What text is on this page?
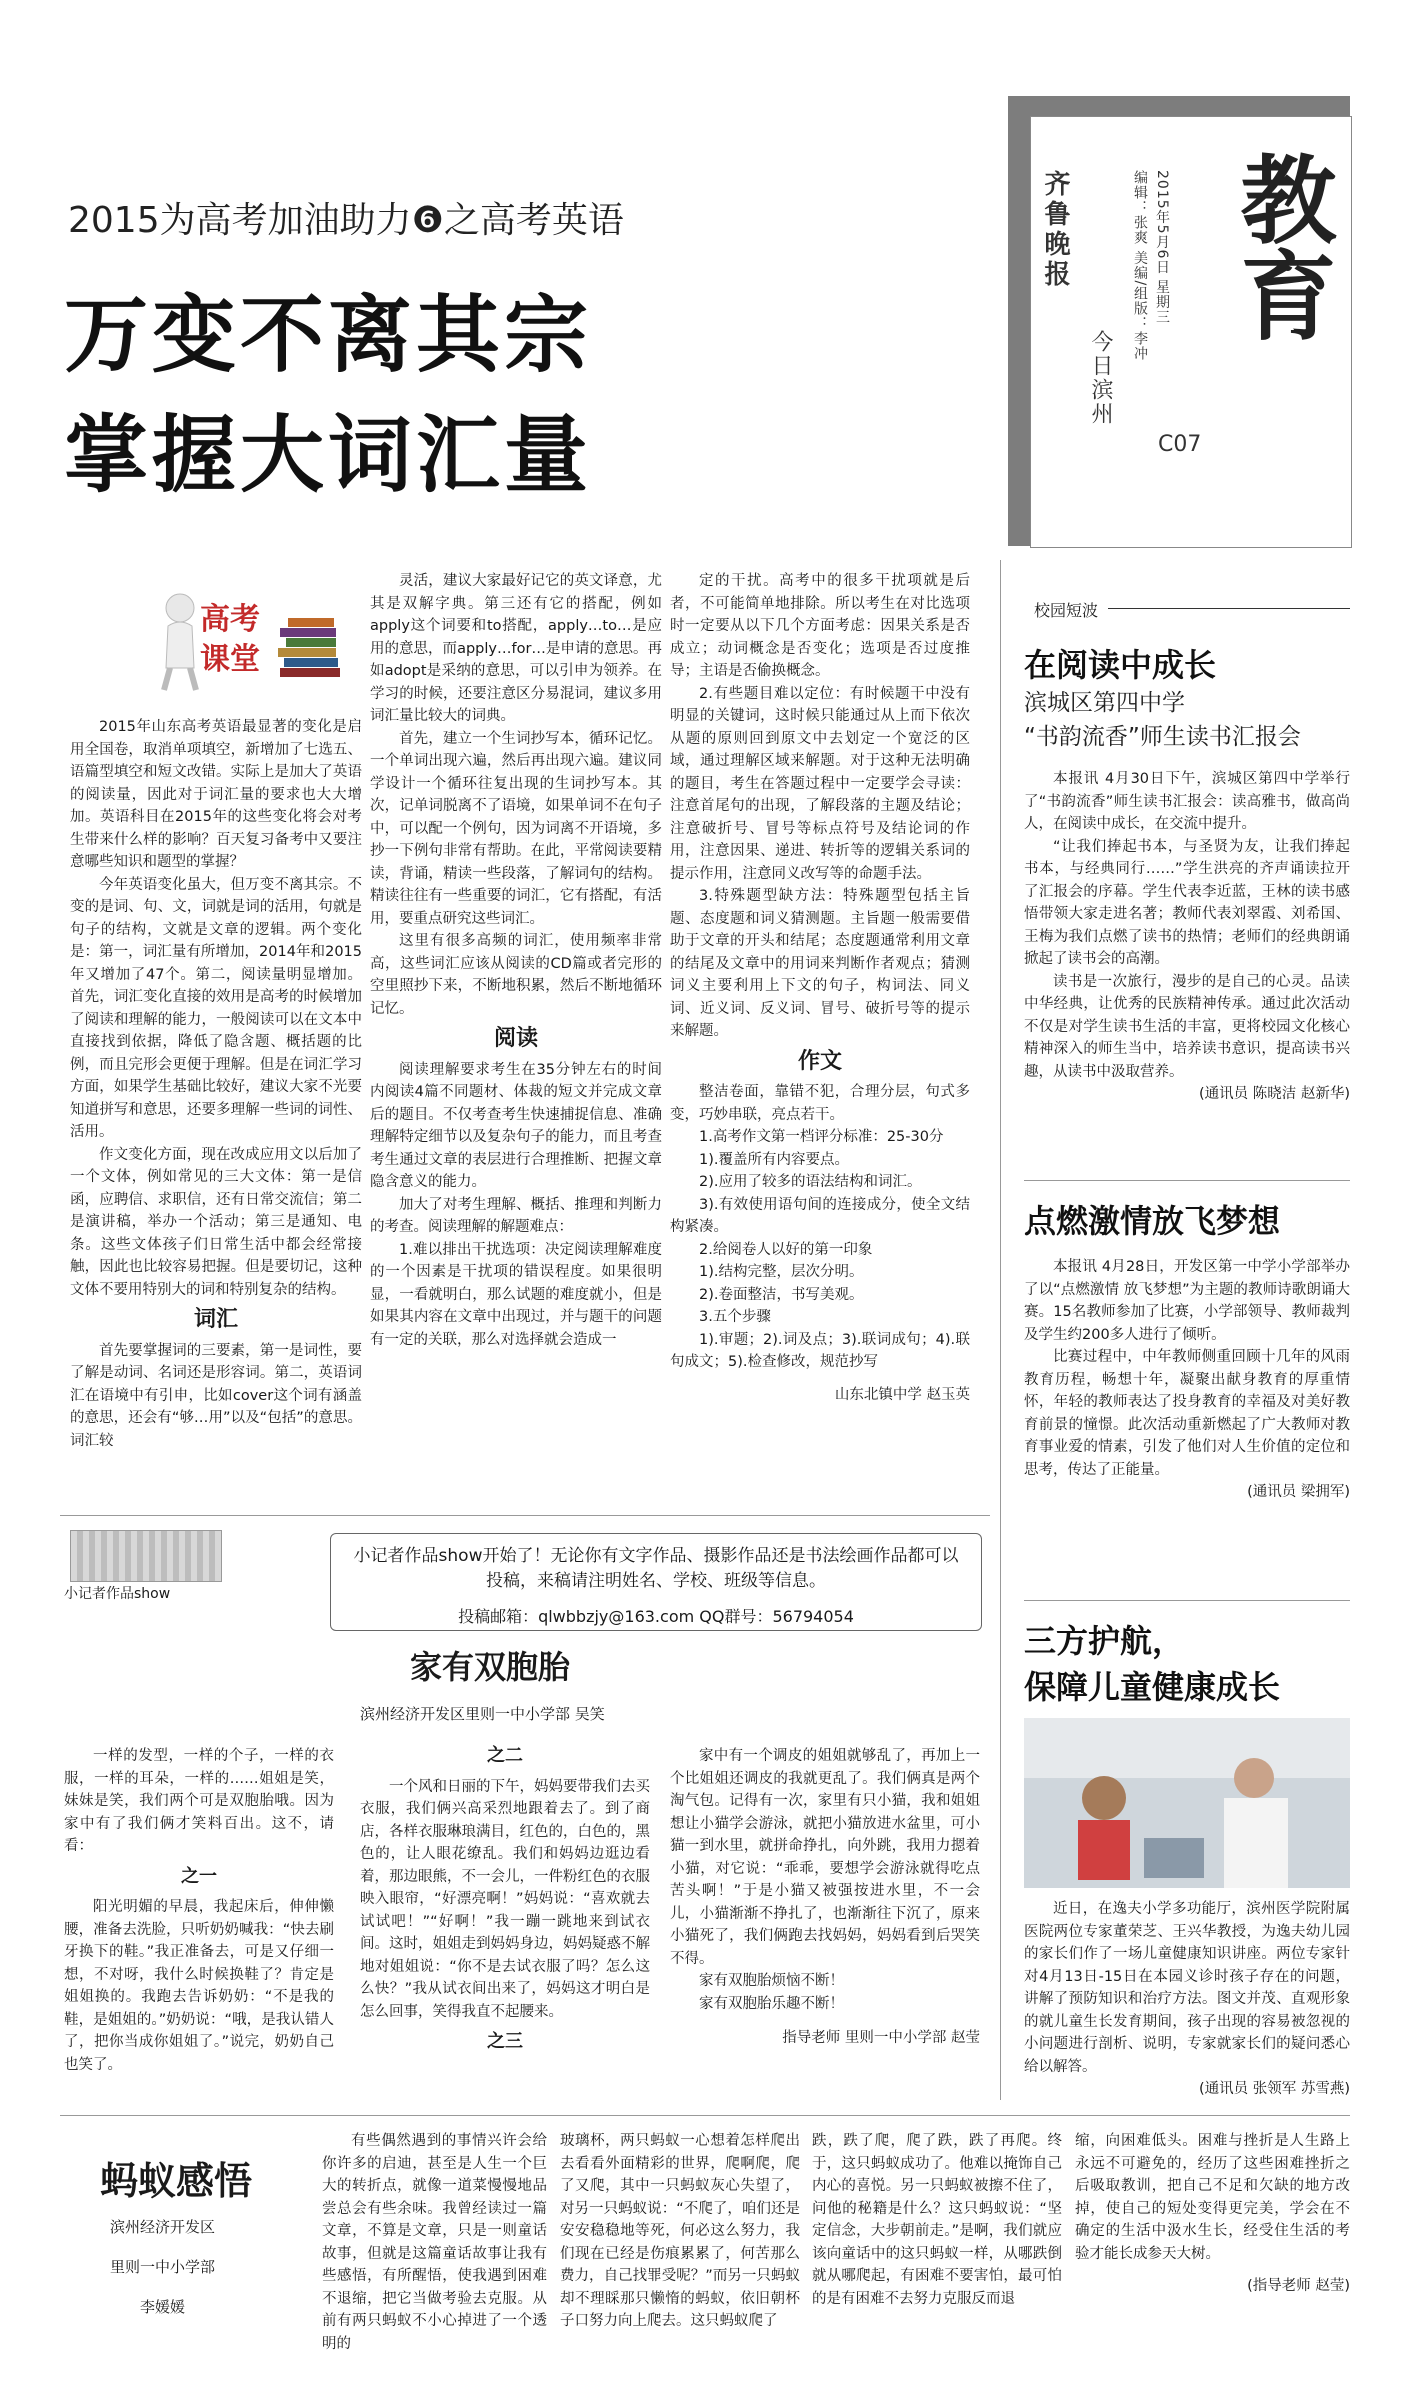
教育
齐鲁晚报
今日滨州
编辑：张爽 美编/组版：李冲 2015年5月6日 星期三
C07
2015为高考加油助力❻之高考英语
万变不离其宗
掌握大词汇量
高考课堂

2015年山东高考英语最显著的变化是启用全国卷，取消单项填空，新增加了七选五、语篇型填空和短文改错。实际上是加大了英语的阅读量，因此对于词汇量的要求也大大增加。英语科目在2015年的这些变化将会对考生带来什么样的影响？百天复习备考中又要注意哪些知识和题型的掌握？

今年英语变化虽大，但万变不离其宗。不变的是词、句、文，词就是词的活用，句就是句子的结构，文就是文章的逻辑。两个变化是：第一，词汇量有所增加，2014年和2015年又增加了47个。第二，阅读量明显增加。首先，词汇变化直接的效用是高考的时候增加了阅读和理解的能力，一般阅读可以在文本中直接找到依据，降低了隐含题、概括题的比例，而且完形会更便于理解。但是在词汇学习方面，如果学生基础比较好，建议大家不光要知道拼写和意思，还要多理解一些词的词性、活用。

作文变化方面，现在改成应用文以后加了一个文体，例如常见的三大文体：第一是信函，应聘信、求职信，还有日常交流信；第二是演讲稿，举办一个活动；第三是通知、电条。这些文体孩子们日常生活中都会经常接触，因此也比较容易把握。但是要切记，这种文体不要用特别大的词和特别复杂的结构。

词汇

首先要掌握词的三要素，第一是词性，要了解是动词、名词还是形容词。第二，英语词汇在语境中有引申，比如cover这个词有涵盖的意思，还会有“够…用”以及“包括”的意思。词汇较

灵活，建议大家最好记它的英文译意，尤其是双解字典。第三还有它的搭配，例如apply这个词要和to搭配，apply…to…是应用的意思，而apply…for…是申请的意思。再如adopt是采纳的意思，可以引申为领养。在学习的时候，还要注意区分易混词，建议多用词汇量比较大的词典。

首先，建立一个生词抄写本，循环记忆。一个单词出现六遍，然后再出现六遍。建议同学设计一个循环往复出现的生词抄写本。其次，记单词脱离不了语境，如果单词不在句子中，可以配一个例句，因为词离不开语境，多抄一下例句非常有帮助。在此，平常阅读要精读，背诵，精读一些段落，了解词句的结构。精读往往有一些重要的词汇，它有搭配，有活用，要重点研究这些词汇。

这里有很多高频的词汇，使用频率非常高，这些词汇应该从阅读的CD篇或者完形的空里照抄下来，不断地积累，然后不断地循环记忆。

阅读

阅读理解要求考生在35分钟左右的时间内阅读4篇不同题材、体裁的短文并完成文章后的题目。不仅考查考生快速捕捉信息、准确理解特定细节以及复杂句子的能力，而且考查考生通过文章的表层进行合理推断、把握文章隐含意义的能力。

加大了对考生理解、概括、推理和判断力的考查。阅读理解的解题难点：

1.难以排出干扰选项：决定阅读理解难度的一个因素是干扰项的错误程度。如果很明显，一看就明白，那么试题的难度就小，但是如果其内容在文章中出现过，并与题干的问题有一定的关联，那么对选择就会造成一

定的干扰。高考中的很多干扰项就是后者，不可能简单地排除。所以考生在对比选项时一定要从以下几个方面考虑：因果关系是否成立；动词概念是否变化；选项是否过度推导；主语是否偷换概念。

2.有些题目难以定位：有时候题干中没有明显的关键词，这时候只能通过从上而下依次从题的原则回到原文中去划定一个宽泛的区域，通过理解区域来解题。对于这种无法明确的题目，考生在答题过程中一定要学会寻读：注意首尾句的出现，了解段落的主题及结论；注意破折号、冒号等标点符号及结论词的作用，注意因果、递进、转折等的逻辑关系词的提示作用，注意同义改写等的命题手法。

3.特殊题型缺方法：特殊题型包括主旨题、态度题和词义猜测题。主旨题一般需要借助于文章的开头和结尾；态度题通常利用文章的结尾及文章中的用词来判断作者观点；猜测词义主要利用上下文的句子，构词法、同义词、近义词、反义词、冒号、破折号等的提示来解题。

作文

整洁卷面，靠错不犯，合理分层，句式多变，巧妙串联，亮点若干。

1.高考作文第一档评分标准：25-30分

1).覆盖所有内容要点。

2).应用了较多的语法结构和词汇。

3).有效使用语句间的连接成分，使全文结构紧凑。

2.给阅卷人以好的第一印象

1).结构完整，层次分明。

2).卷面整洁，书写美观。

3.五个步骤

1).审题；2).词及点；3).联词成句；4).联句成文；5).检查修改，规范抄写

山东北镇中学 赵玉英
校园短波
在阅读中成长
滨城区第四中学
“书韵流香”师生读书汇报会

本报讯 4月30日下午，滨城区第四中学举行了“书韵流香”师生读书汇报会：读高雅书，做高尚人，在阅读中成长，在交流中提升。

“让我们捧起书本，与圣贤为友，让我们捧起书本，与经典同行……”学生洪亮的齐声诵读拉开了汇报会的序幕。学生代表李近蓝，王林的读书感悟带领大家走进名著；教师代表刘翠霞、刘希国、王梅为我们点燃了读书的热情；老师们的经典朗诵掀起了读书会的高潮。

读书是一次旅行，漫步的是自己的心灵。品读中华经典，让优秀的民族精神传承。通过此次活动不仅是对学生读书生活的丰富，更将校园文化核心精神深入的师生当中，培养读书意识，提高读书兴趣，从读书中汲取营养。

(通讯员 陈晓洁 赵新华)
点燃激情放飞梦想

本报讯 4月28日，开发区第一中学小学部举办了以“点燃激情 放飞梦想”为主题的教师诗歌朗诵大赛。15名教师参加了比赛，小学部领导、教师裁判及学生约200多人进行了倾听。

比赛过程中，中年教师侧重回顾十几年的风雨教育历程，畅想十年，凝聚出献身教育的厚重情怀，年轻的教师表达了投身教育的幸福及对美好教育前景的憧憬。此次活动重新燃起了广大教师对教育事业爱的情素，引发了他们对人生价值的定位和思考，传达了正能量。

(通讯员 梁拥军)
三方护航，
保障儿童健康成长

近日，在逸夫小学多功能厅，滨州医学院附属医院两位专家董荣芝、王兴华教授，为逸夫幼儿园的家长们作了一场儿童健康知识讲座。两位专家针对4月13日-15日在本园义诊时孩子存在的问题，讲解了预防知识和治疗方法。图文并茂、直观形象的就儿童生长发育期间，孩子出现的容易被忽视的小问题进行剖析、说明，专家就家长们的疑问悉心给以解答。

(通讯员 张领军 苏雪燕)
小记者作品show
小记者作品show开始了！无论你有文字作品、摄影作品还是书法绘画作品都可以投稿，来稿请注明姓名、学校、班级等信息。
投稿邮箱：qlwbbzjy@163.com QQ群号：56794054
家有双胞胎
滨州经济开发区里则一中小学部 吴笑

一样的发型，一样的个子，一样的衣服，一样的耳朵，一样的……姐姐是笑，妹妹是笑，我们两个可是双胞胎哦。因为家中有了我们俩才笑料百出。这不，请看：

之一

阳光明媚的早晨，我起床后，伸伸懒腰，准备去洗脸，只听奶奶喊我：“快去刷牙换下的鞋。”我正准备去，可是又仔细一想，不对呀，我什么时候换鞋了？肯定是姐姐换的。我跑去告诉奶奶：“不是我的鞋，是姐姐的。”奶奶说：“哦，是我认错人了，把你当成你姐姐了。”说完，奶奶自己也笑了。

之二

一个风和日丽的下午，妈妈要带我们去买衣服，我们俩兴高采烈地跟着去了。到了商店，各样衣服琳琅满目，红色的，白色的，黑色的，让人眼花缭乱。我们和妈妈边逛边看着，那边眼熊，不一会儿，一件粉红色的衣服映入眼帘，“好漂亮啊！”妈妈说：“喜欢就去试试吧！”“好啊！”我一蹦一跳地来到试衣间。这时，姐姐走到妈妈身边，妈妈疑惑不解地对姐姐说：“你不是去试衣服了吗？怎么这么快？”我从试衣间出来了，妈妈这才明白是怎么回事，笑得我直不起腰来。

之三

家中有一个调皮的姐姐就够乱了，再加上一个比姐姐还调皮的我就更乱了。我们俩真是两个淘气包。记得有一次，家里有只小猫，我和姐姐想让小猫学会游泳，就把小猫放进水盆里，可小猫一到水里，就拼命挣扎，向外跳，我用力摁着小猫，对它说：“乖乖，要想学会游泳就得吃点苦头啊！”于是小猫又被强按进水里，不一会儿，小猫渐渐不挣扎了，也渐渐往下沉了，原来小猫死了，我们俩跑去找妈妈，妈妈看到后哭笑不得。

家有双胞胎烦恼不断！

家有双胞胎乐趣不断！

指导老师 里则一中小学部 赵莹
蚂蚁感悟
滨州经济开发区
里则一中小学部
李媛媛

有些偶然遇到的事情兴许会给你许多的启迪，甚至是人生一个巨大的转折点，就像一道菜慢慢地品尝总会有些余味。我曾经读过一篇文章，不算是文章，只是一则童话故事，但就是这篇童话故事让我有些感悟，有所醒悟，使我遇到困难不退缩，把它当做考验去克服。从前有两只蚂蚁不小心掉进了一个透明的

玻璃杯，两只蚂蚁一心想着怎样爬出去看看外面精彩的世界，爬啊爬，爬了又爬，其中一只蚂蚁灰心失望了，对另一只蚂蚁说：“不爬了，咱们还是安安稳稳地等死，何必这么努力，我们现在已经是伤痕累累了，何苦那么费力，自己找罪受呢？”而另一只蚂蚁却不理睬那只懒惰的蚂蚁，依旧朝杯子口努力向上爬去。这只蚂蚁爬了

跌，跌了爬，爬了跌，跌了再爬。终于，这只蚂蚁成功了。他难以掩饰自己内心的喜悦。另一只蚂蚁被擦不住了，问他的秘籍是什么？这只蚂蚁说：“坚定信念，大步朝前走。”是啊，我们就应该向童话中的这只蚂蚁一样，从哪跌倒就从哪爬起，有困难不要害怕，最可怕的是有困难不去努力克服反而退

缩，向困难低头。困难与挫折是人生路上永远不可避免的，经历了这些困难挫折之后吸取教训，把自己不足和欠缺的地方改掉，使自己的短处变得更完美，学会在不确定的生活中汲水生长，经受住生活的考验才能长成参天大树。

(指导老师 赵莹)
